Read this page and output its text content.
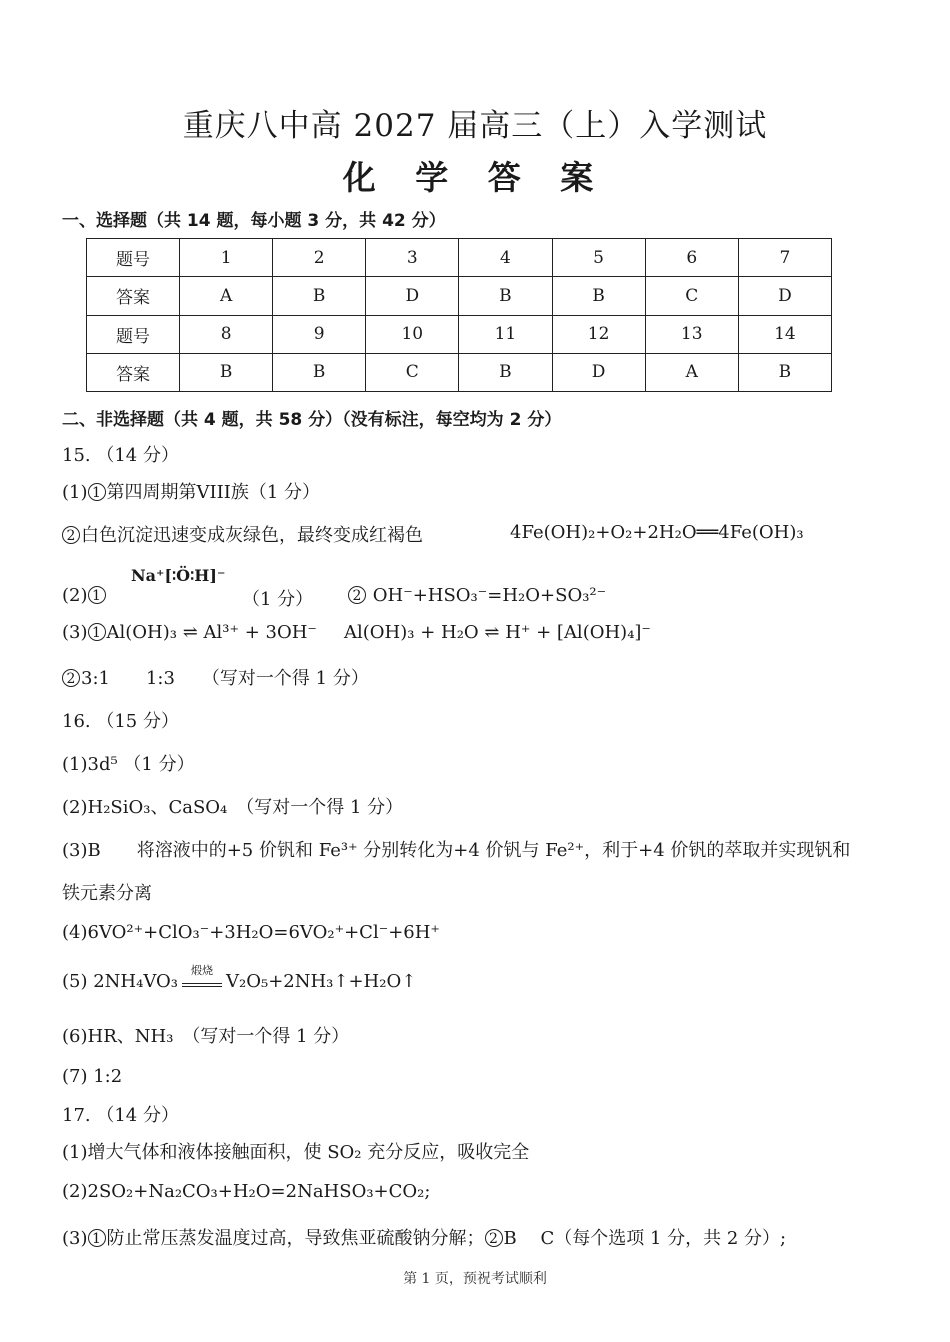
重庆八中高 2027 届高三（上）入学测试
化 学 答 案
一、选择题（共 14 题，每小题 3 分，共 42 分）
题号	1	2	3	4	5	6	7
答案	A	B	D	B	B	C	D
题号	8	9	10	11	12	13	14
答案	B	B	C	B	D	A	B
二、非选择题（共 4 题，共 58 分）（没有标注，每空均为 2 分）
15. （14 分）
(1) 1 第四周期第VIII族（1 分）
2 白色沉淀迅速变成灰绿色，最终变成红褐色	4Fe(OH)₂+O₂+2H₂O══4Fe(OH)₃
Na⁺[∶Ö∶H]⁻
(2) 1	（1 分）	2 OH⁻+HSO₃⁻=H₂O+SO₃²⁻
(3) 1 Al(OH)₃ ⇌ Al³⁺ + 3OH⁻ Al(OH)₃ + H₂O ⇌ H⁺ + [Al(OH)₄]⁻
2 3:1　　1:3　　（写对一个得 1 分）
16. （15 分）
(1)3d⁵ （1 分）
(2)H₂SiO₃、CaSO₄　（写对一个得 1 分）
(3)B　　将溶液中的+5 价钒和 Fe³⁺ 分别转化为+4 价钒与 Fe²⁺，利于+4 价钒的萃取并实现钒和
铁元素分离
(4)6VO²⁺+ClO₃⁻+3H₂O=6VO₂⁺+Cl⁻+6H⁺
(5) 2NH₄VO₃
煅烧
V₂O₅+2NH₃↑+H₂O↑
(6)HR、NH₃　（写对一个得 1 分）
(7) 1:2
17. （14 分）
(1)增大气体和液体接触面积，使 SO₂ 充分反应，吸收完全
(2)2SO₂+Na₂CO₃+H₂O=2NaHSO₃+CO₂;
(3) 1 防止常压蒸发温度过高，导致焦亚硫酸钠分解； 2 B　 C（每个选项 1 分，共 2 分）;
第 1 页，预祝考试顺利
